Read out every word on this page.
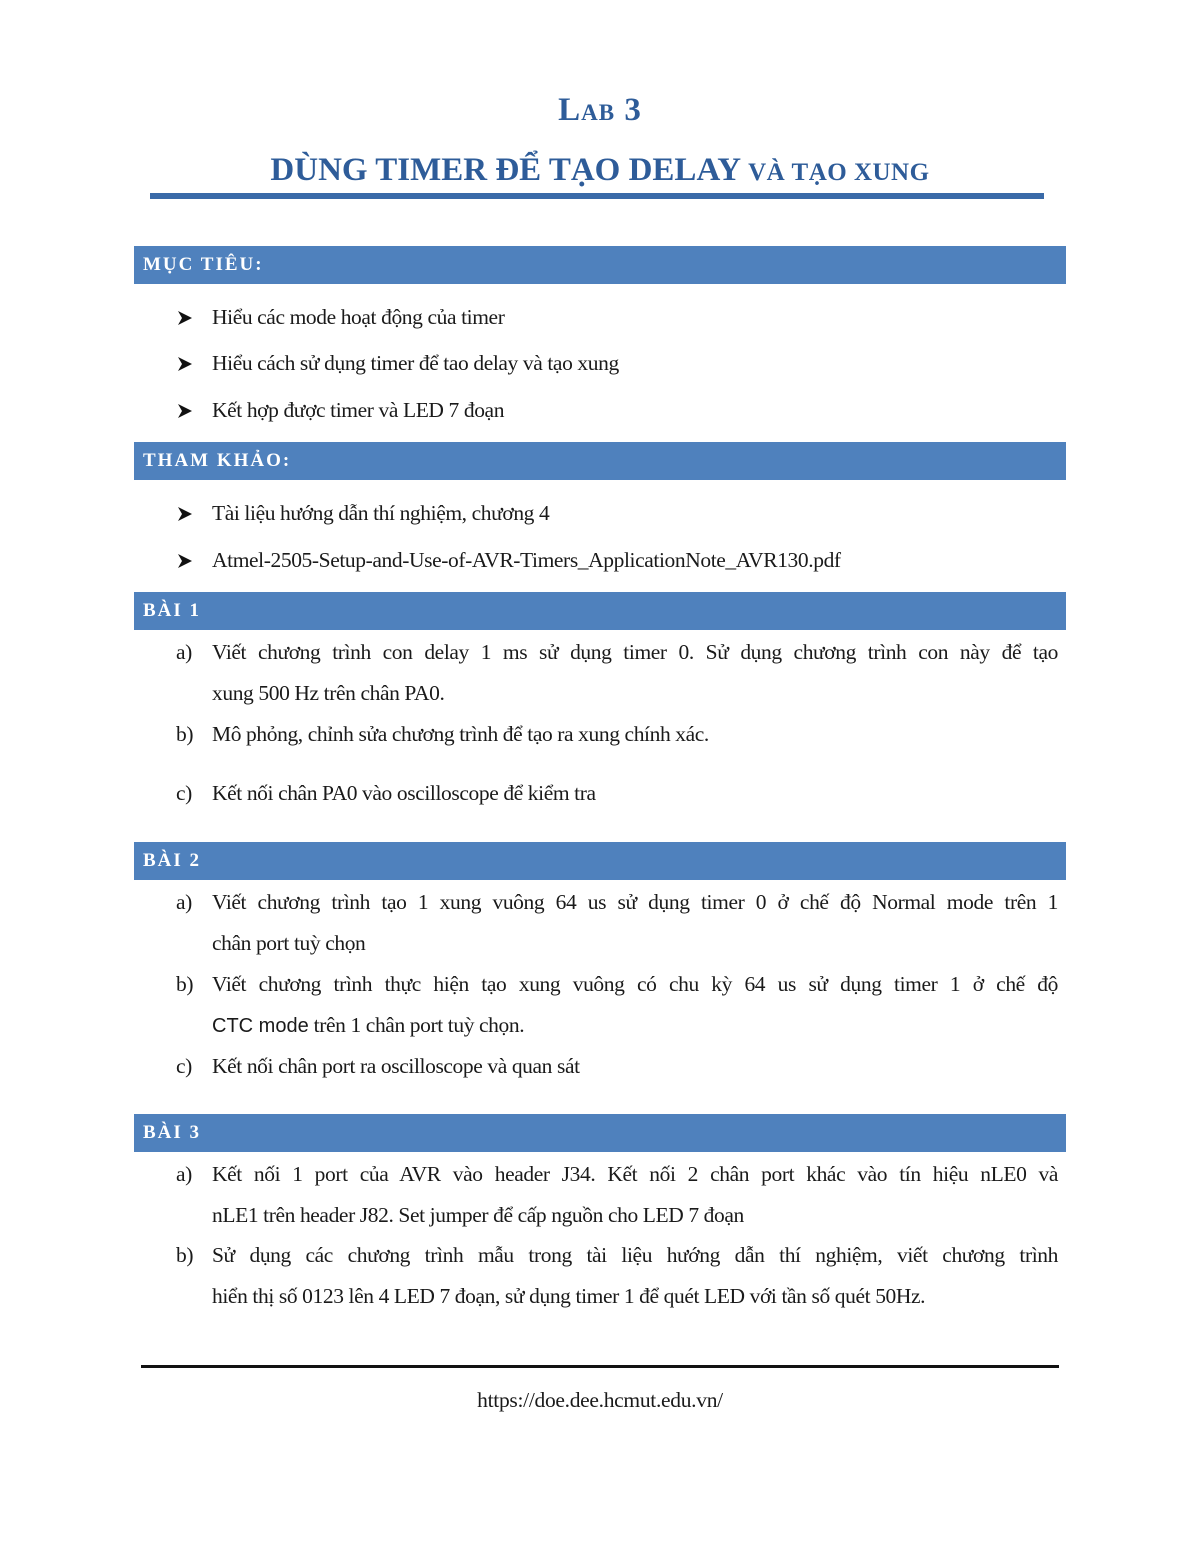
Lab 3
DÙNG TIMER ĐỂ TẠO DELAY VÀ TẠO XUNG
MỤC TIÊU:
Hiểu các mode hoạt động của timer
Hiểu cách sử dụng timer để tao delay và tạo xung
Kết hợp được timer và LED 7 đoạn
THAM KHẢO:
Tài liệu hướng dẫn thí nghiệm, chương 4
Atmel-2505-Setup-and-Use-of-AVR-Timers_ApplicationNote_AVR130.pdf
BÀI 1
a) Viết chương trình con delay 1 ms sử dụng timer 0. Sử dụng chương trình con này để tạo
xung 500 Hz trên chân PA0.
b) Mô phỏng, chỉnh sửa chương trình để tạo ra xung chính xác.
c) Kết nối chân PA0 vào oscilloscope để kiểm tra
BÀI 2
a) Viết chương trình tạo 1 xung vuông 64 us sử dụng timer 0 ở chế độ Normal mode trên 1
chân port tuỳ chọn
b) Viết chương trình thực hiện tạo xung vuông có chu kỳ 64 us sử dụng timer 1 ở chế độ
CTC mode trên 1 chân port tuỳ chọn.
c) Kết nối chân port ra oscilloscope và quan sát
BÀI 3
a) Kết nối 1 port của AVR vào header J34. Kết nối 2 chân port khác vào tín hiệu nLE0 và
nLE1 trên header J82. Set jumper để cấp nguồn cho LED 7 đoạn
b) Sử dụng các chương trình mẫu trong tài liệu hướng dẫn thí nghiệm, viết chương trình
hiển thị số 0123 lên 4 LED 7 đoạn, sử dụng timer 1 để quét LED với tần số quét 50Hz.
https://doe.dee.hcmut.edu.vn/
